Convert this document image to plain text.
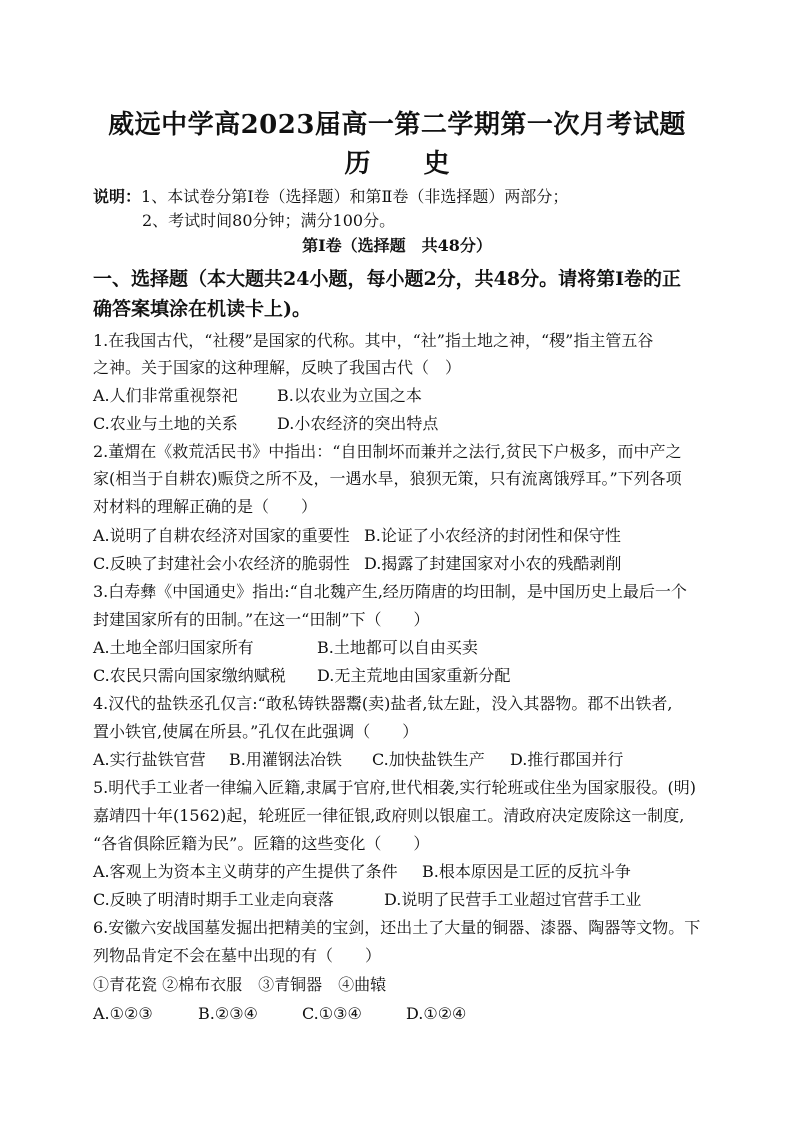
威远中学高2023届高一第二学期第一次月考试题
历 史
说明：1、本试卷分第Ⅰ卷（选择题）和第Ⅱ卷（非选择题）两部分；
2、考试时间80分钟；满分100分。
第Ⅰ卷（选择题　共48分）
一、选择题（本大题共24小题，每小题2分，共48分。请将第Ⅰ卷的正
确答案填涂在机读卡上)。
1.在我国古代，“社稷”是国家的代称。其中，“社”指土地之神，“稷”指主管五谷
之神。关于国家的这种理解，反映了我国古代（　）
A.人们非常重视祭祀 B.以农业为立国之本
C.农业与土地的关系 D.小农经济的突出特点
2.董煟在《救荒活民书》中指出：“自田制坏而兼并之法行,贫民下户极多，而中产之
家(相当于自耕农)赈贷之所不及，一遇水旱，狼狈无策，只有流离饿殍耳。”下列各项
对材料的理解正确的是（　　）
A.说明了自耕农经济对国家的重要性 B.论证了小农经济的封闭性和保守性
C.反映了封建社会小农经济的脆弱性 D.揭露了封建国家对小农的残酷剥削
3.白寿彝《中国通史》指出:“自北魏产生,经历隋唐的均田制，是中国历史上最后一个
封建国家所有的田制。”在这一“田制”下（　　）
A.土地全部归国家所有	B.土地都可以自由买卖
C.农民只需向国家缴纳赋税 D.无主荒地由国家重新分配
4.汉代的盐铁丞孔仅言:“敢私铸铁器鬻(卖)盐者,钛左趾，没入其器物。郡不出铁者,
置小铁官,使属在所县。”孔仅在此强调（　　）
A.实行盐铁官营 B.用灌钢法冶铁 C.加快盐铁生产 D.推行郡国并行
5.明代手工业者一律编入匠籍,隶属于官府,世代相袭,实行轮班或住坐为国家服役。(明)
嘉靖四十年(1562)起，轮班匠一律征银,政府则以银雇工。清政府决定废除这一制度,
“各省俱除匠籍为民”。匠籍的这些变化（　　）
A.客观上为资本主义萌芽的产生提供了条件 B.根本原因是工匠的反抗斗争
C.反映了明清时期手工业走向衰落	D.说明了民营手工业超过官营手工业
6.安徽六安战国墓发掘出把精美的宝剑，还出土了大量的铜器、漆器、陶器等文物。下
列物品肯定不会在墓中出现的有（　　）
①青花瓷 ②棉布衣服　③青铜器　④曲辕
A.①②③	B.②③④	C.①③④	D.①②④
